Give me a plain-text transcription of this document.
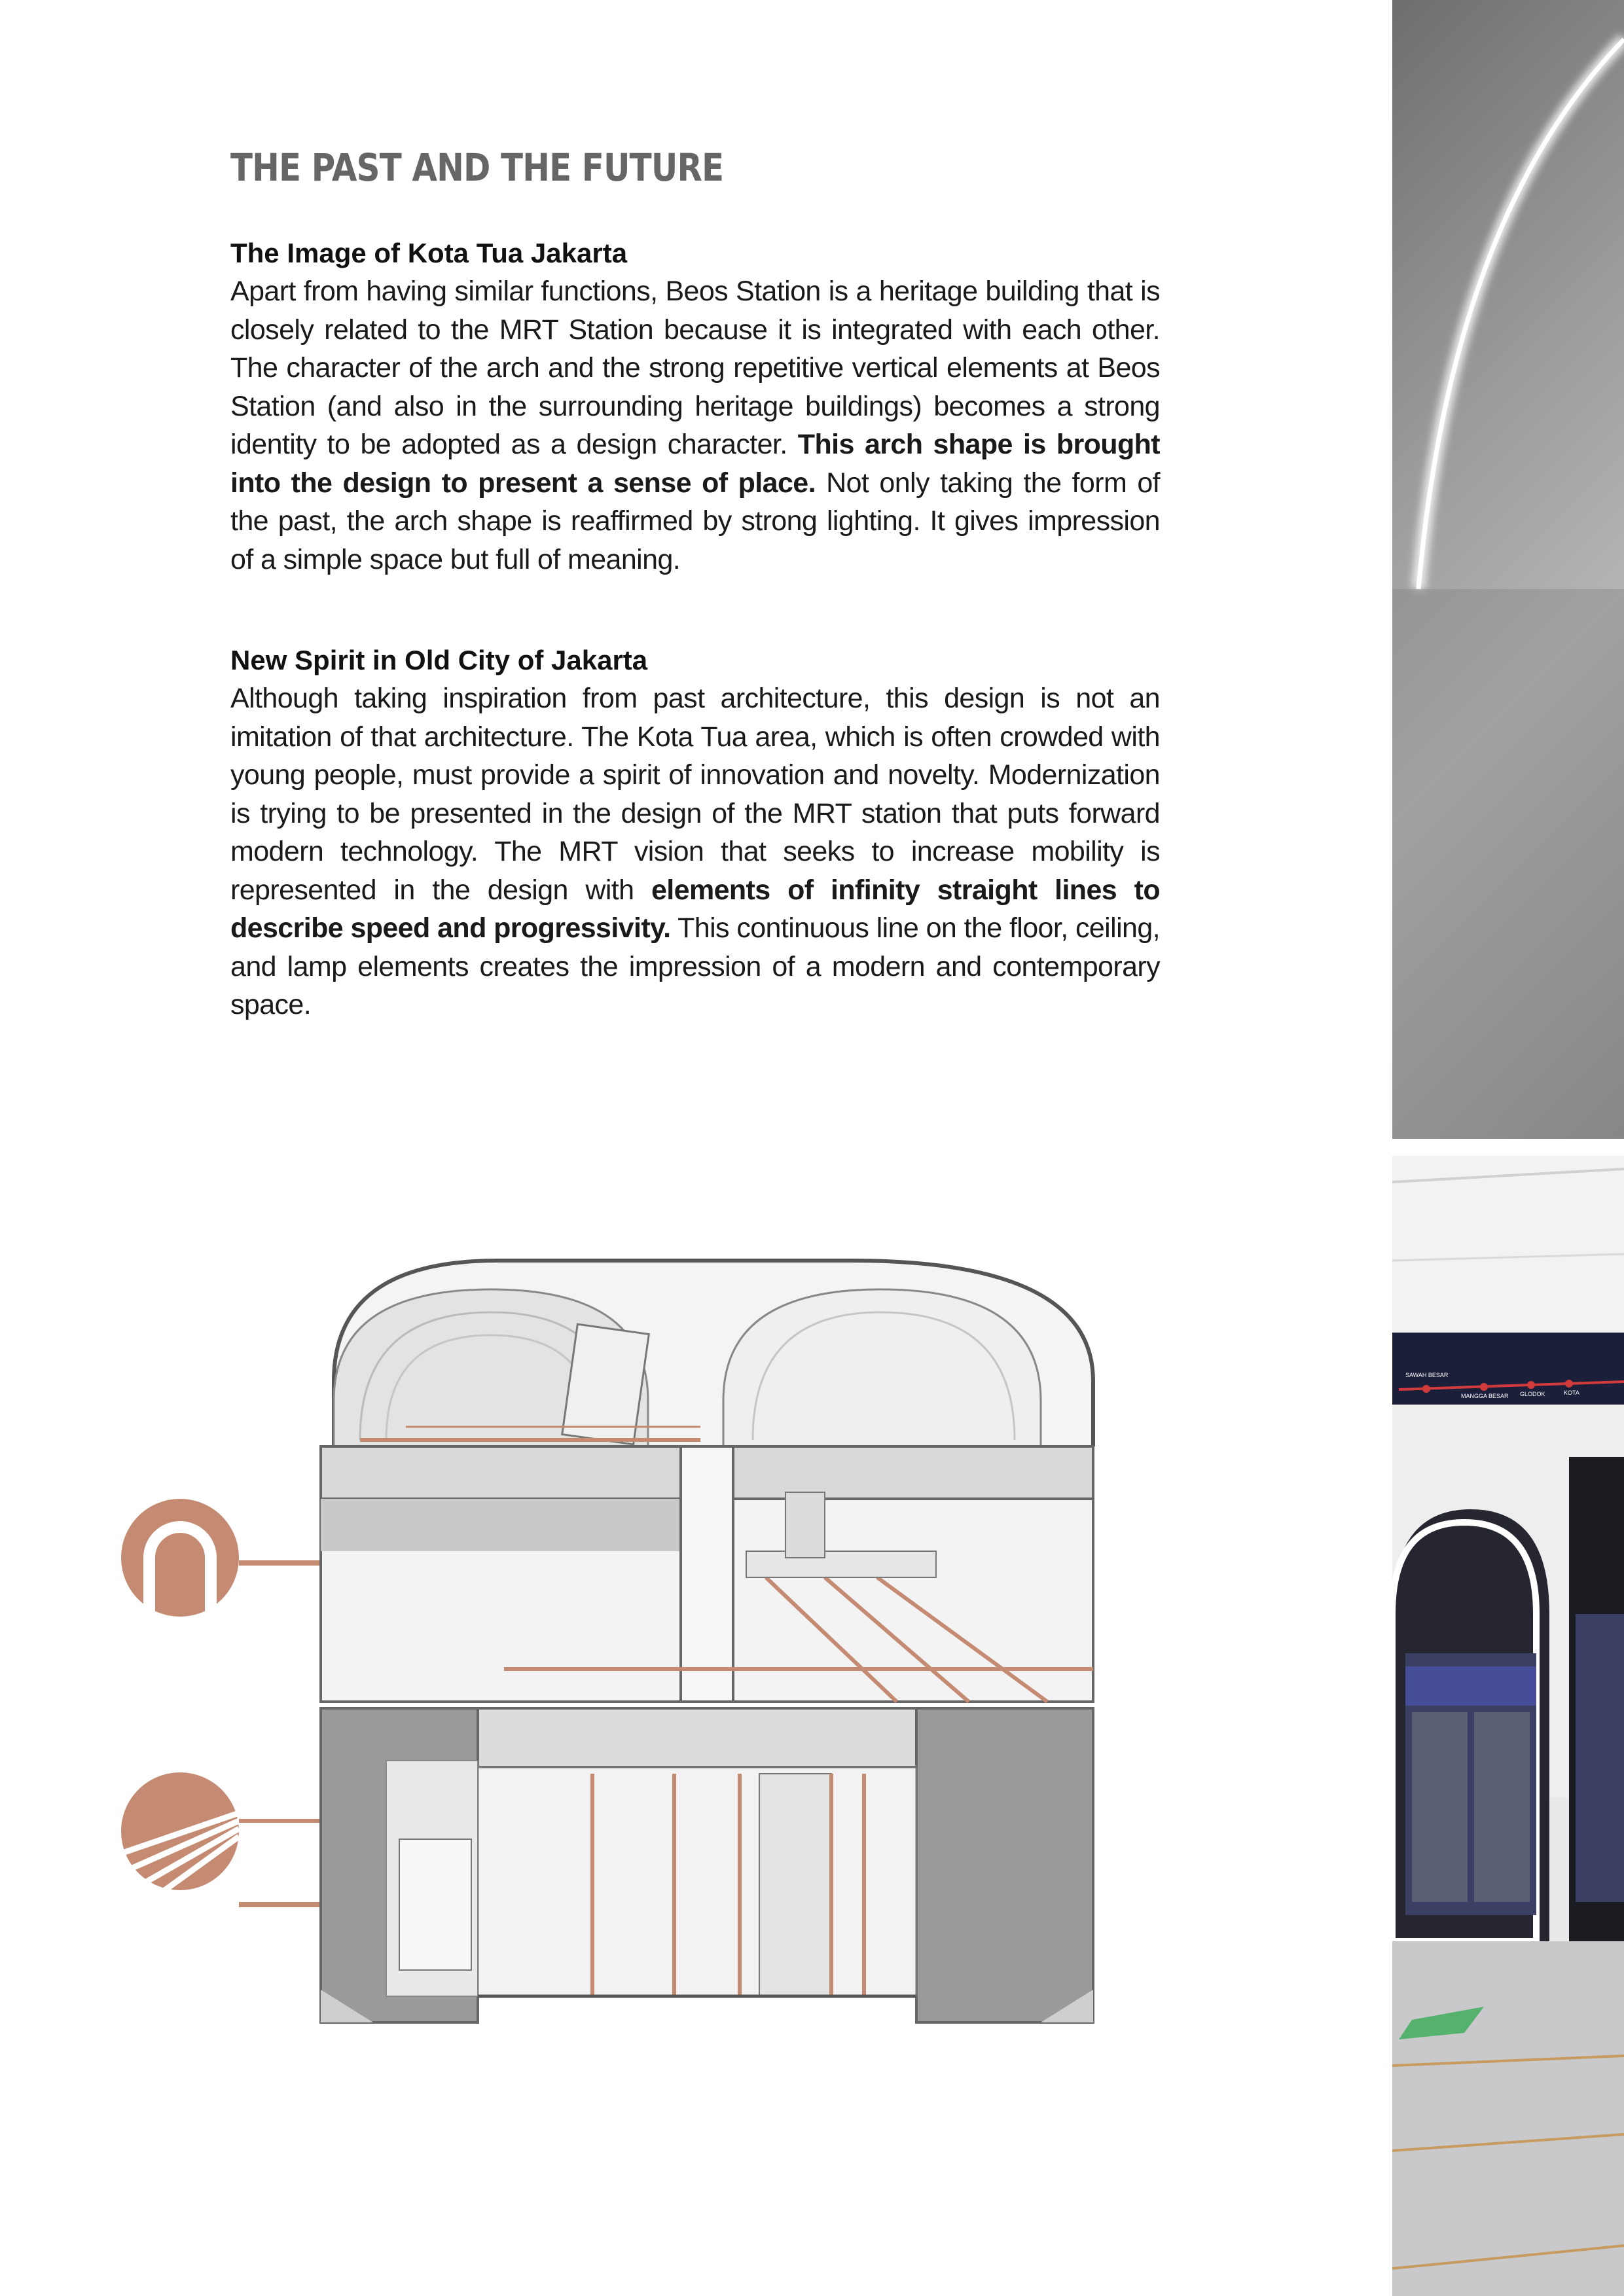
THE PAST AND THE FUTURE
The Image of Kota Tua Jakarta

Apart from having similar functions, Beos Station is a heritage building that is closely related to the MRT Station because it is integrated with each other. The character of the arch and the strong repetitive vertical elements at Beos Station (and also in the surrounding heritage buildings) becomes a strong identity to be adopted as a design character. This arch shape is brought into the design to present a sense of place. Not only taking the form of the past, the arch shape is reaffirmed by strong lighting. It gives impression of a simple space but full of meaning.

New Spirit in Old City of Jakarta

Although taking inspiration from past architecture, this design is not an imitation of that architecture. The Kota Tua area, which is often crowded with young people, must provide a spirit of innovation and novelty. Modernization is trying to be presented in the design of the MRT station that puts forward modern technology. The MRT vision that seeks to increase mobility is represented in the design with elements of infinity straight lines to describe speed and progressivity. This continuous line on the floor, ceiling, and lamp elements creates the impression of a modern and contemporary space.

SAWAH BESAR
MANGGA BESAR GLODOK	KOTA
